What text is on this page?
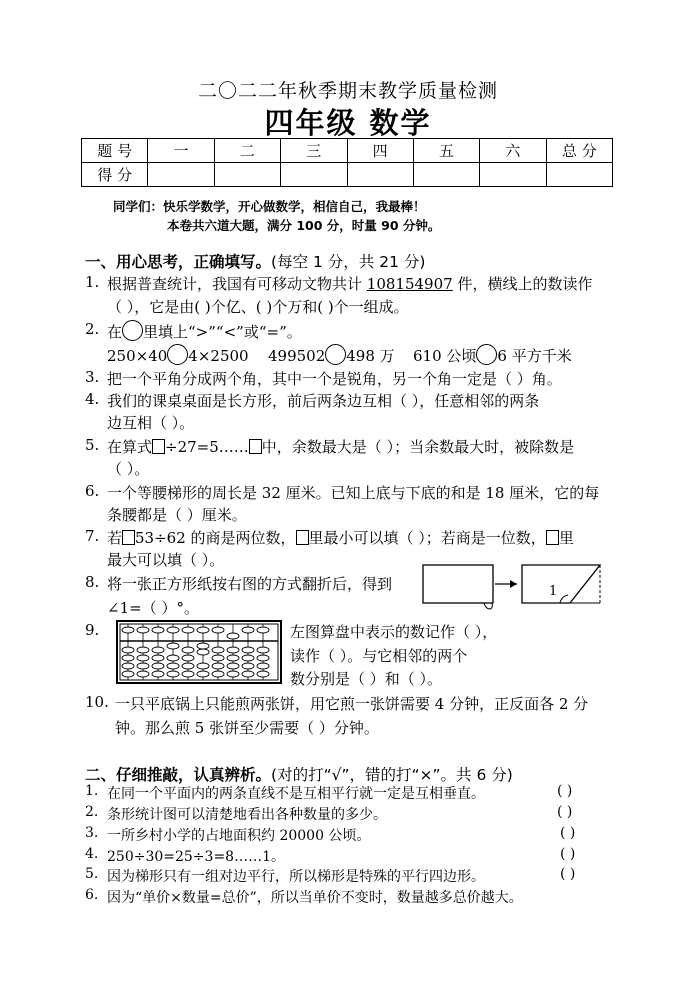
二〇二二年秋季期末教学质量检测
四年级 数学
题 号	一	二	三	四	五	六	总 分
得 分							
同学们：快乐学数学，开心做数学，相信自己，我最棒！
本卷共六道大题，满分 100 分，时量 90 分钟。
一、用心思考，正确填写。(每空 1 分，共 21 分)
1. 根据普查统计，我国有可移动文物共计 108154907 件，横线上的数读作
（ ），它是由( )个亿、( )个万和( )个一组成。
2. 在 里填上“>”“<”或“=”。
250×40 4×2500 499502 498 万 610 公顷 6 平方千米
3. 把一个平角分成两个角，其中一个是锐角，另一个角一定是（ ）角。
4. 我们的课桌桌面是长方形，前后两条边互相（ ），任意相邻的两条
边互相（ ）。
5. 在算式 ÷27=5…… 中，余数最大是（ ）；当余数最大时，被除数是
（ ）。
6. 一个等腰梯形的周长是 32 厘米。已知上底与下底的和是 18 厘米，它的每
条腰都是（ ）厘米。
7. 若 53÷62 的商是两位数， 里最小可以填（ ）；若商是一位数， 里
最大可以填（ ）。
8. 将一张正方形纸按右图的方式翻折后，得到
∠1=（ ）°。
1
9.	左图算盘中表示的数记作（ ），
读作（ ）。与它相邻的两个
数分别是（ ）和（ ）。
10. 一只平底锅上只能煎两张饼，用它煎一张饼需要 4 分钟，正反面各 2 分
钟。那么煎 5 张饼至少需要（ ）分钟。
二、仔细推敲，认真辨析。(对的打“√”，错的打“×”。共 6 分)
1. 在同一个平面内的两条直线不是互相平行就一定是互相垂直。	( )
2. 条形统计图可以清楚地看出各种数量的多少。	( )
3. 一所乡村小学的占地面积约 20000 公顷。	( )
4. 250÷30=25÷3=8……1。	( )
5. 因为梯形只有一组对边平行，所以梯形是特殊的平行四边形。	( )
6. 因为“单价×数量=总价”，所以当单价不变时，数量越多总价越大。
